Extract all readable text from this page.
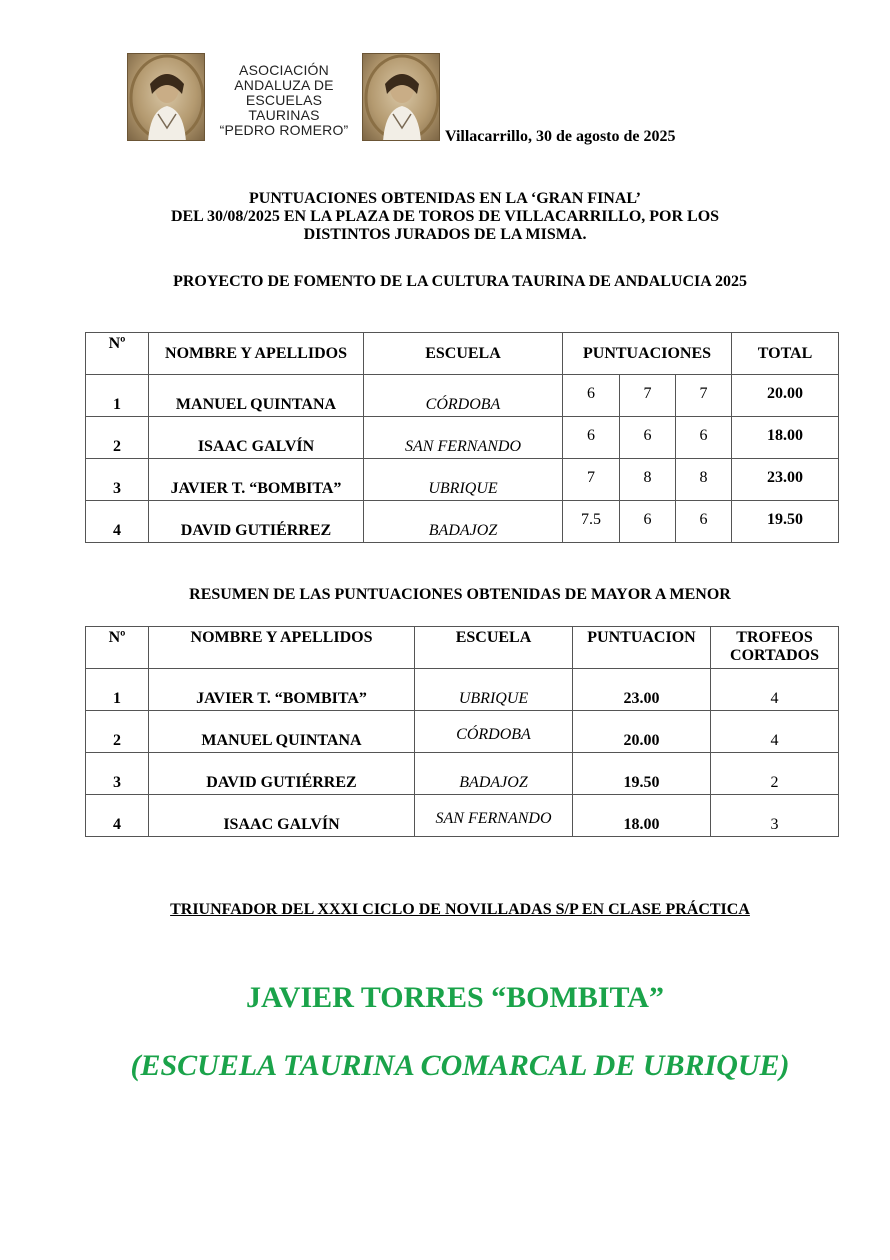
ASOCIACIÓN
ANDALUZA DE
ESCUELAS TAURINAS
“PEDRO ROMERO”	Villacarrillo, 30 de agosto de 2025
PUNTUACIONES OBTENIDAS EN LA ‘GRAN FINAL’
DEL 30/08/2025 EN LA PLAZA DE TOROS DE VILLACARRILLO, POR LOS
DISTINTOS JURADOS DE LA MISMA.
PROYECTO DE FOMENTO DE LA CULTURA TAURINA DE ANDALUCIA 2025
Nº	NOMBRE Y APELLIDOS	ESCUELA	PUNTUACIONES			TOTAL
1	MANUEL QUINTANA	CÓRDOBA	6	7	7	20.00
2	ISAAC GALVÍN	SAN FERNANDO	6	6	6	18.00
3	JAVIER T. “BOMBITA”	UBRIQUE	7	8	8	23.00
4	DAVID GUTIÉRREZ	BADAJOZ	7.5	6	6	19.50
RESUMEN DE LAS PUNTUACIONES OBTENIDAS DE MAYOR A MENOR
Nº	NOMBRE Y APELLIDOS	ESCUELA	PUNTUACION	TROFEOS
CORTADOS

1	JAVIER T. “BOMBITA”	UBRIQUE	23.00	4
2	MANUEL QUINTANA	CÓRDOBA	20.00	4
3	DAVID GUTIÉRREZ	BADAJOZ	19.50	2
4	ISAAC GALVÍN	SAN FERNANDO	18.00	3
TRIUNFADOR DEL XXXI CICLO DE NOVILLADAS S/P EN CLASE PRÁCTICA
JAVIER TORRES “BOMBITA”
(ESCUELA TAURINA COMARCAL DE UBRIQUE)
